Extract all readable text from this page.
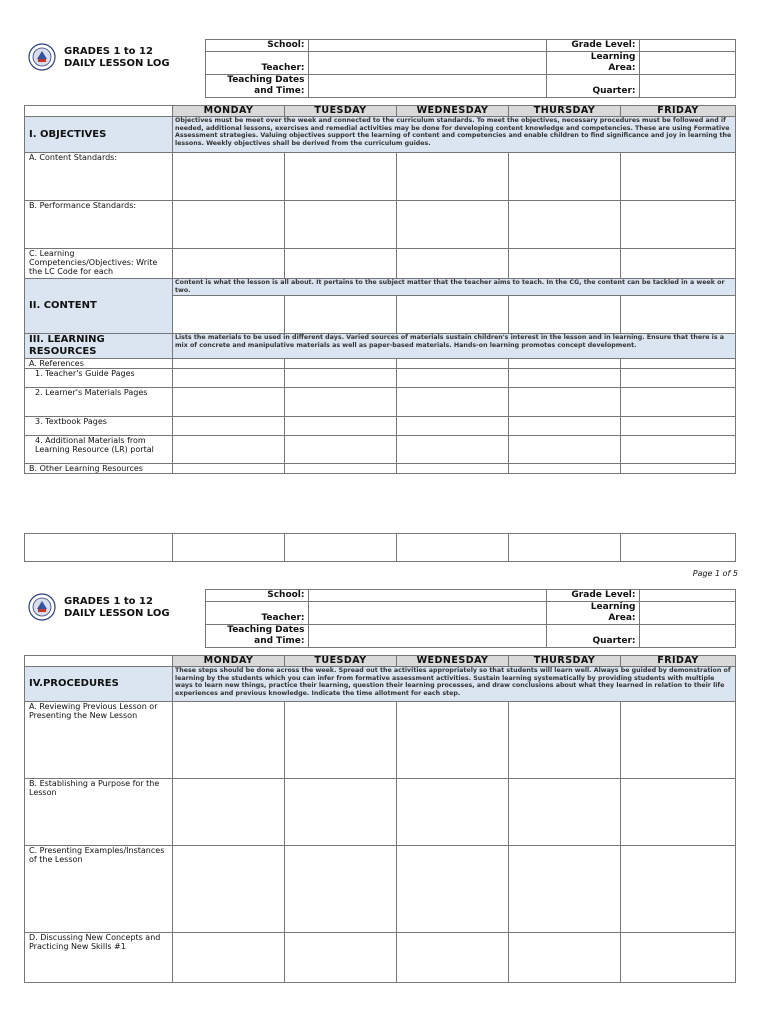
GRADES 1 to 12
DAILY LESSON LOG	School:		Grade Level:	
	Teacher:		Learning
Area:	

	Teaching Dates
and Time:		Quarter:	
	MONDAY	TUESDAY	WEDNESDAY	THURSDAY	FRIDAY
I. OBJECTIVES	Objectives must be meet over the week and connected to the curriculum standards. To meet the objectives, necessary procedures must be followed and if needed, additional lessons, exercises and remedial activities may be done for developing content knowledge and competencies. These are using Formative Assessment strategies. Valuing objectives support the learning of content and competencies and enable children to find significance and joy in learning the lessons. Weekly objectives shall be derived from the curriculum guides.				
A. Content Standards:					
B. Performance Standards:					
C. Learning Competencies/Objectives: Write the LC Code for each					
II. CONTENT	Content is what the lesson is all about. It pertains to the subject matter that the teacher aims to teach. In the CG, the content can be tackled in a week or two.				

III. LEARNING RESOURCES	Lists the materials to be used in different days. Varied sources of materials sustain children's interest in the lesson and in learning. Ensure that there is a mix of concrete and manipulative materials as well as paper-based materials. Hands-on learning promotes concept development.				
A. References					
1. Teacher's Guide Pages					
2. Learner's Materials Pages					
3. Textbook Pages					
4. Additional Materials from Learning Resource (LR) portal					
B. Other Learning Resources					

Page 1 of 5
GRADES 1 to 12
DAILY LESSON LOG	School:		Grade Level:	
	Teacher:		Learning
Area:	

	Teaching Dates
and Time:		Quarter:	
	MONDAY	TUESDAY	WEDNESDAY	THURSDAY	FRIDAY
IV.PROCEDURES	These steps should be done across the week. Spread out the activities appropriately so that students will learn well. Always be guided by demonstration of learning by the students which you can infer from formative assessment activities. Sustain learning systematically by providing students with multiple ways to learn new things, practice their learning, question their learning processes, and draw conclusions about what they learned in relation to their life experiences and previous knowledge. Indicate the time allotment for each step.				
A. Reviewing Previous Lesson or Presenting the New Lesson					
B. Establishing a Purpose for the Lesson					
C. Presenting Examples/Instances of the Lesson					
D. Discussing New Concepts and Practicing New Skills #1					
